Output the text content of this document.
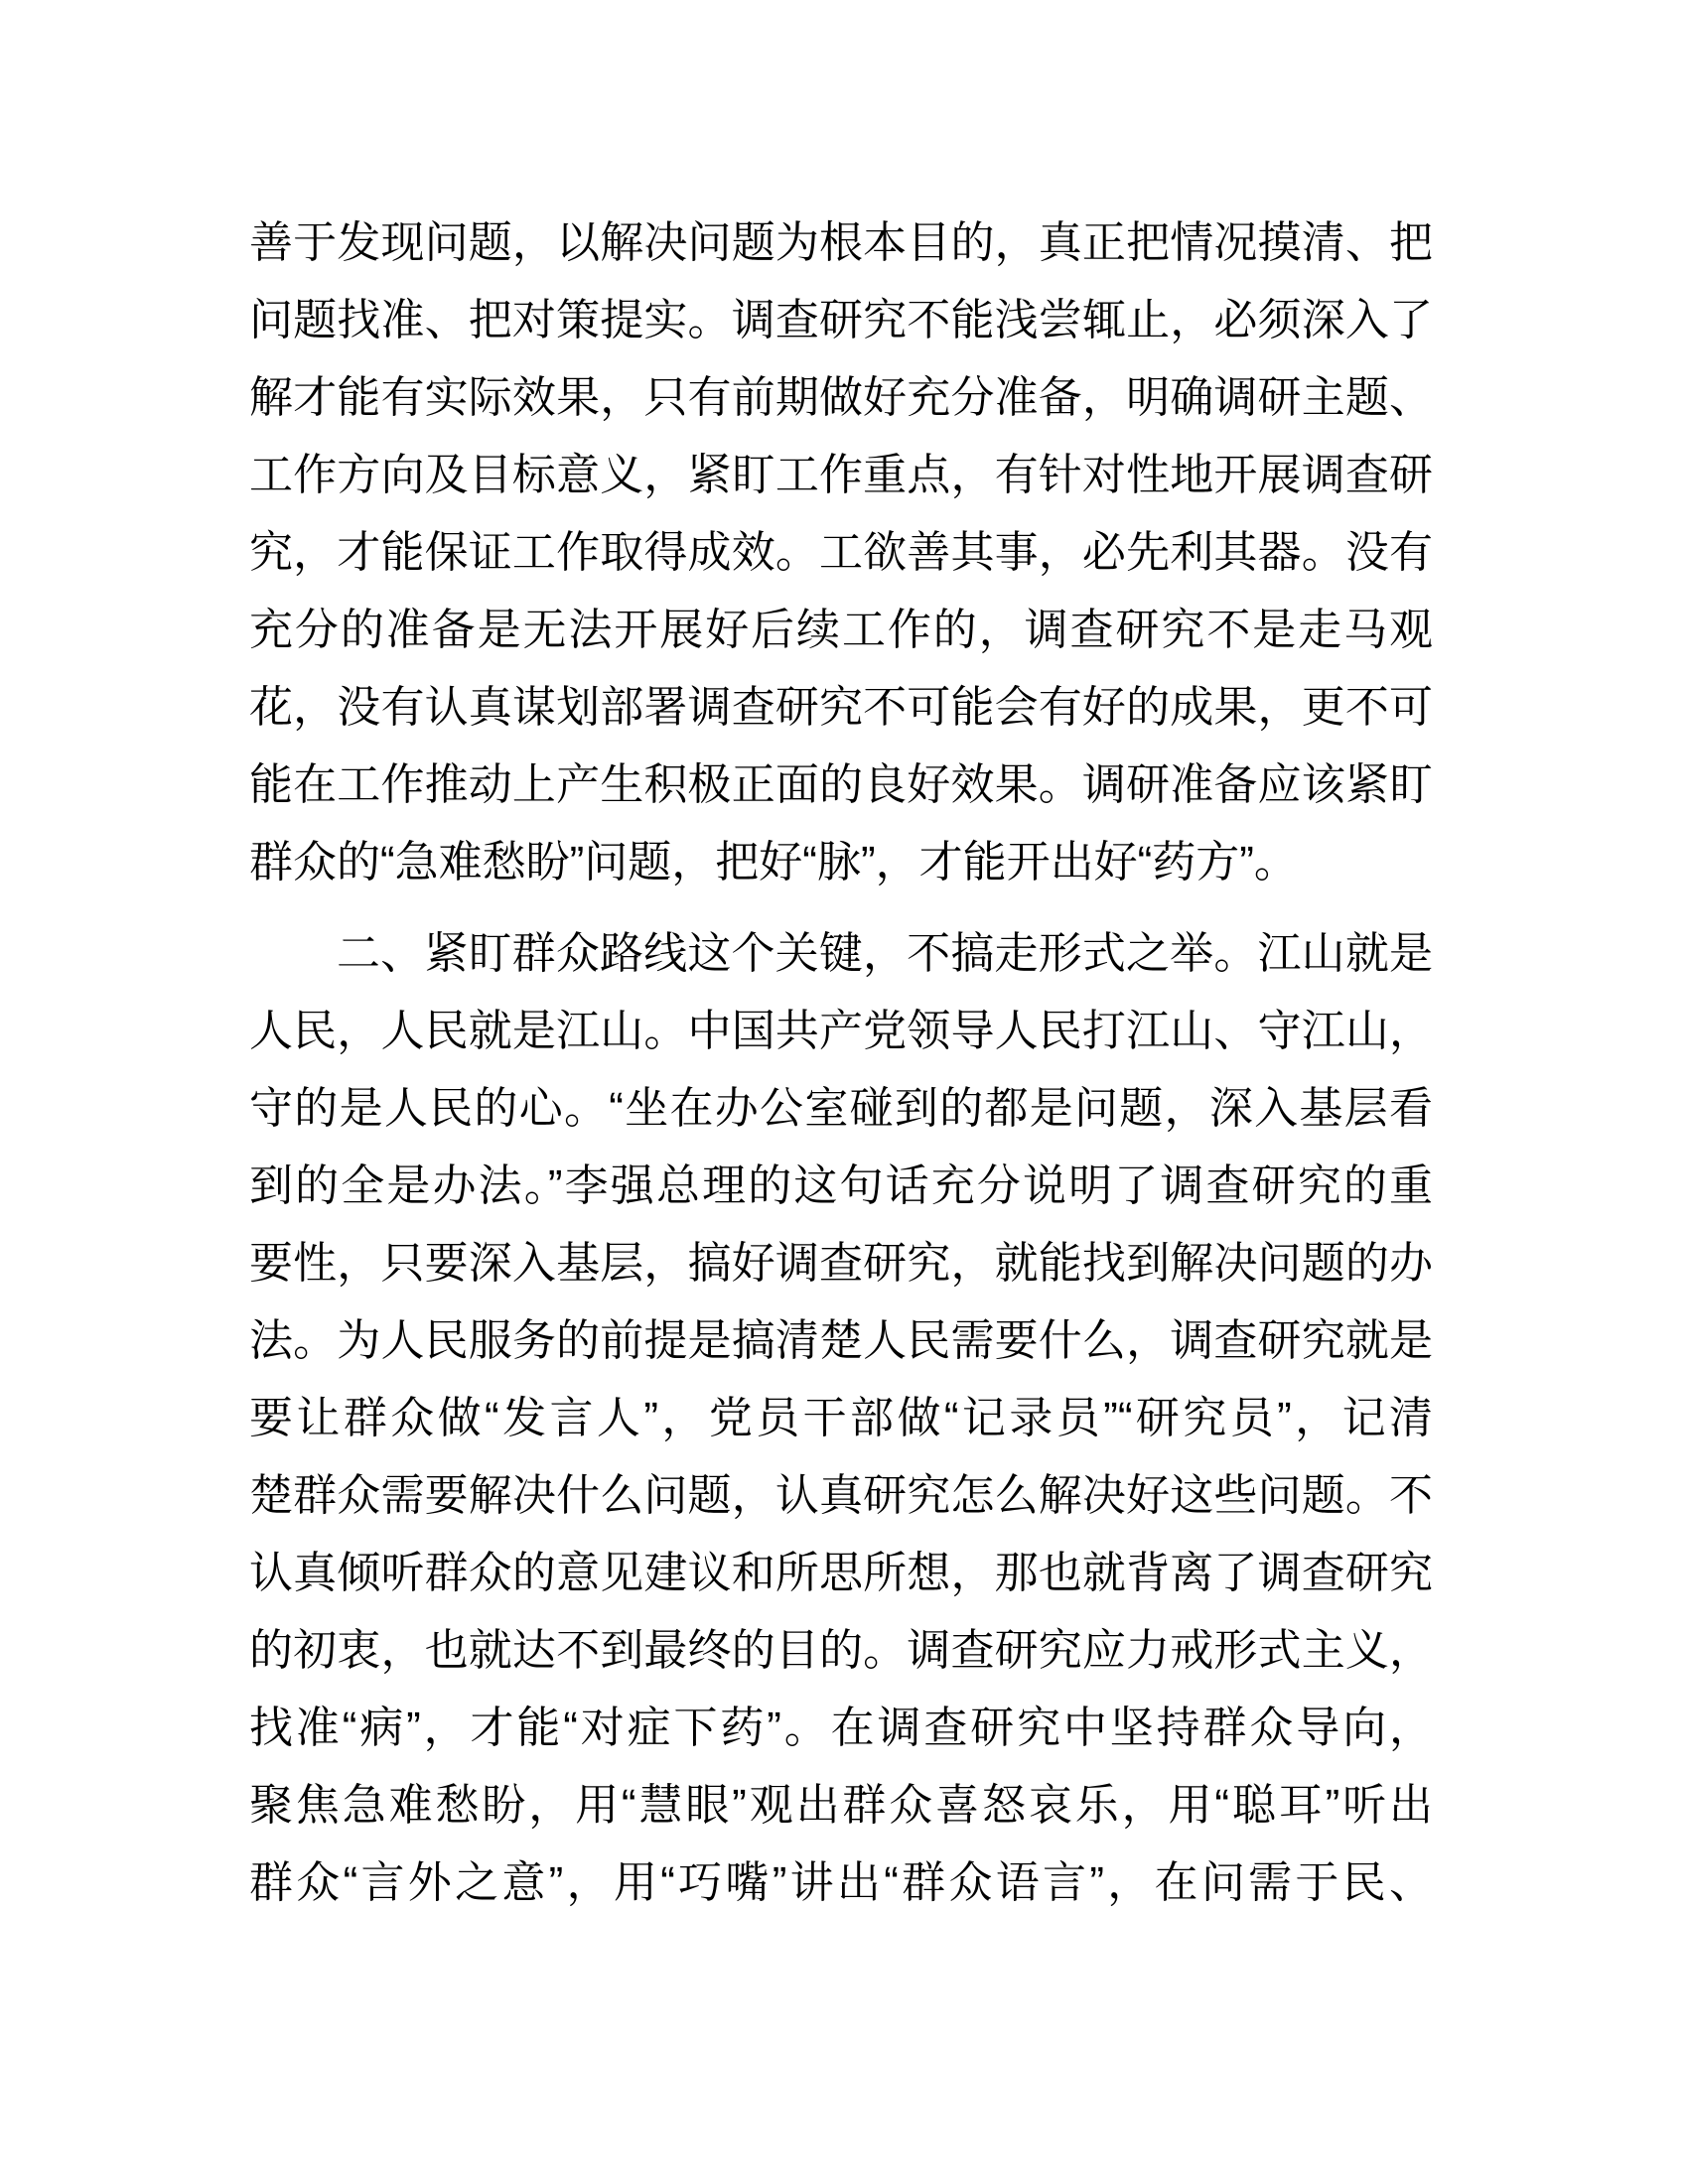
善于发现问题，以解决问题为根本目的，真正把情况摸清、把
问题找准、把对策提实。调查研究不能浅尝辄止，必须深入了
解才能有实际效果，只有前期做好充分准备，明确调研主题、
工作方向及目标意义，紧盯工作重点，有针对性地开展调查研
究，才能保证工作取得成效。工欲善其事，必先利其器。没有
充分的准备是无法开展好后续工作的，调查研究不是走马观
花，没有认真谋划部署调查研究不可能会有好的成果，更不可
能在工作推动上产生积极正面的良好效果。调研准备应该紧盯
群众的“急难愁盼”问题，把好“脉”，才能开出好“药方”。
二、紧盯群众路线这个关键，不搞走形式之举。江山就是
人民，人民就是江山。中国共产党领导人民打江山、守江山，
守的是人民的心。“坐在办公室碰到的都是问题，深入基层看
到的全是办法。”李强总理的这句话充分说明了调查研究的重
要性，只要深入基层，搞好调查研究，就能找到解决问题的办
法。为人民服务的前提是搞清楚人民需要什么，调查研究就是
要让群众做“发言人”，党员干部做“记录员”“研究员”，记清
楚群众需要解决什么问题，认真研究怎么解决好这些问题。不
认真倾听群众的意见建议和所思所想，那也就背离了调查研究
的初衷，也就达不到最终的目的。调查研究应力戒形式主义，
找准“病”，才能“对症下药”。在调查研究中坚持群众导向，
聚焦急难愁盼，用“慧眼”观出群众喜怒哀乐，用“聪耳”听出
群众“言外之意”，用“巧嘴”讲出“群众语言”，在问需于民、
